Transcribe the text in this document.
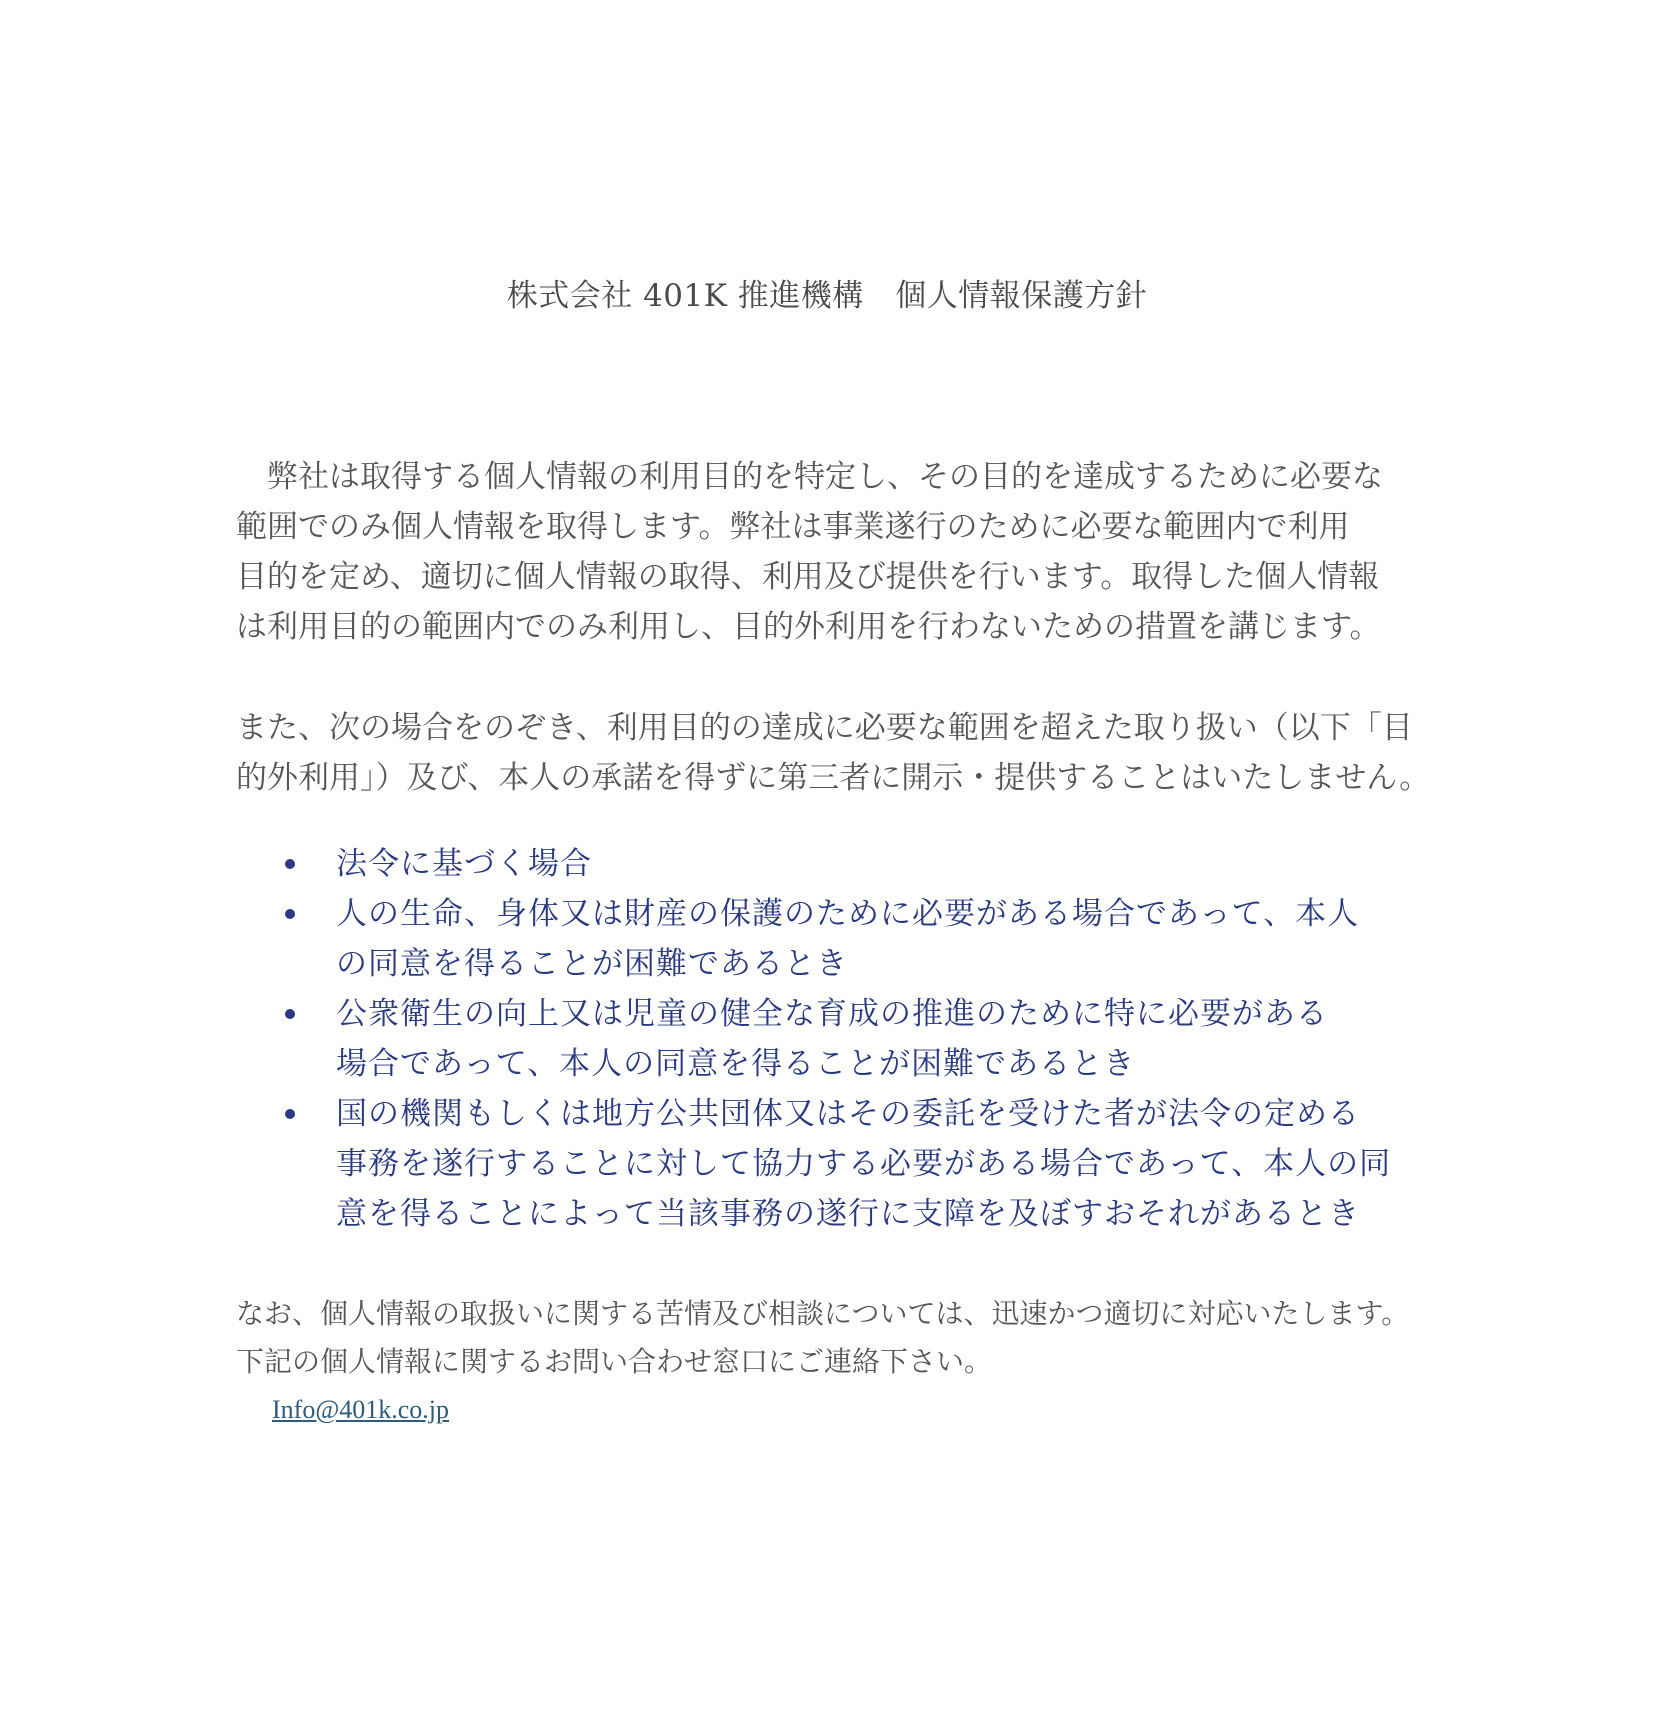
株式会社 401K 推進機構　個人情報保護方針
　弊社は取得する個人情報の利用目的を特定し、その目的を達成するために必要な
範囲でのみ個人情報を取得します。弊社は事業遂行のために必要な範囲内で利用
目的を定め、適切に個人情報の取得、利用及び提供を行います。取得した個人情報
は利用目的の範囲内でのみ利用し、目的外利用を行わないための措置を講じます。
また、次の場合をのぞき、利用目的の達成に必要な範囲を超えた取り扱い（以下「目
的外利用」）及び、本人の承諾を得ずに第三者に開示・提供することはいたしません。
法令に基づく場合
人の生命、身体又は財産の保護のために必要がある場合であって、本人
の同意を得ることが困難であるとき
公衆衛生の向上又は児童の健全な育成の推進のために特に必要がある
場合であって、本人の同意を得ることが困難であるとき
国の機関もしくは地方公共団体又はその委託を受けた者が法令の定める
事務を遂行することに対して協力する必要がある場合であって、本人の同
意を得ることによって当該事務の遂行に支障を及ぼすおそれがあるとき
なお、個人情報の取扱いに関する苦情及び相談については、迅速かつ適切に対応いたします。
下記の個人情報に関するお問い合わせ窓口にご連絡下さい。
Info@401k.co.jp
